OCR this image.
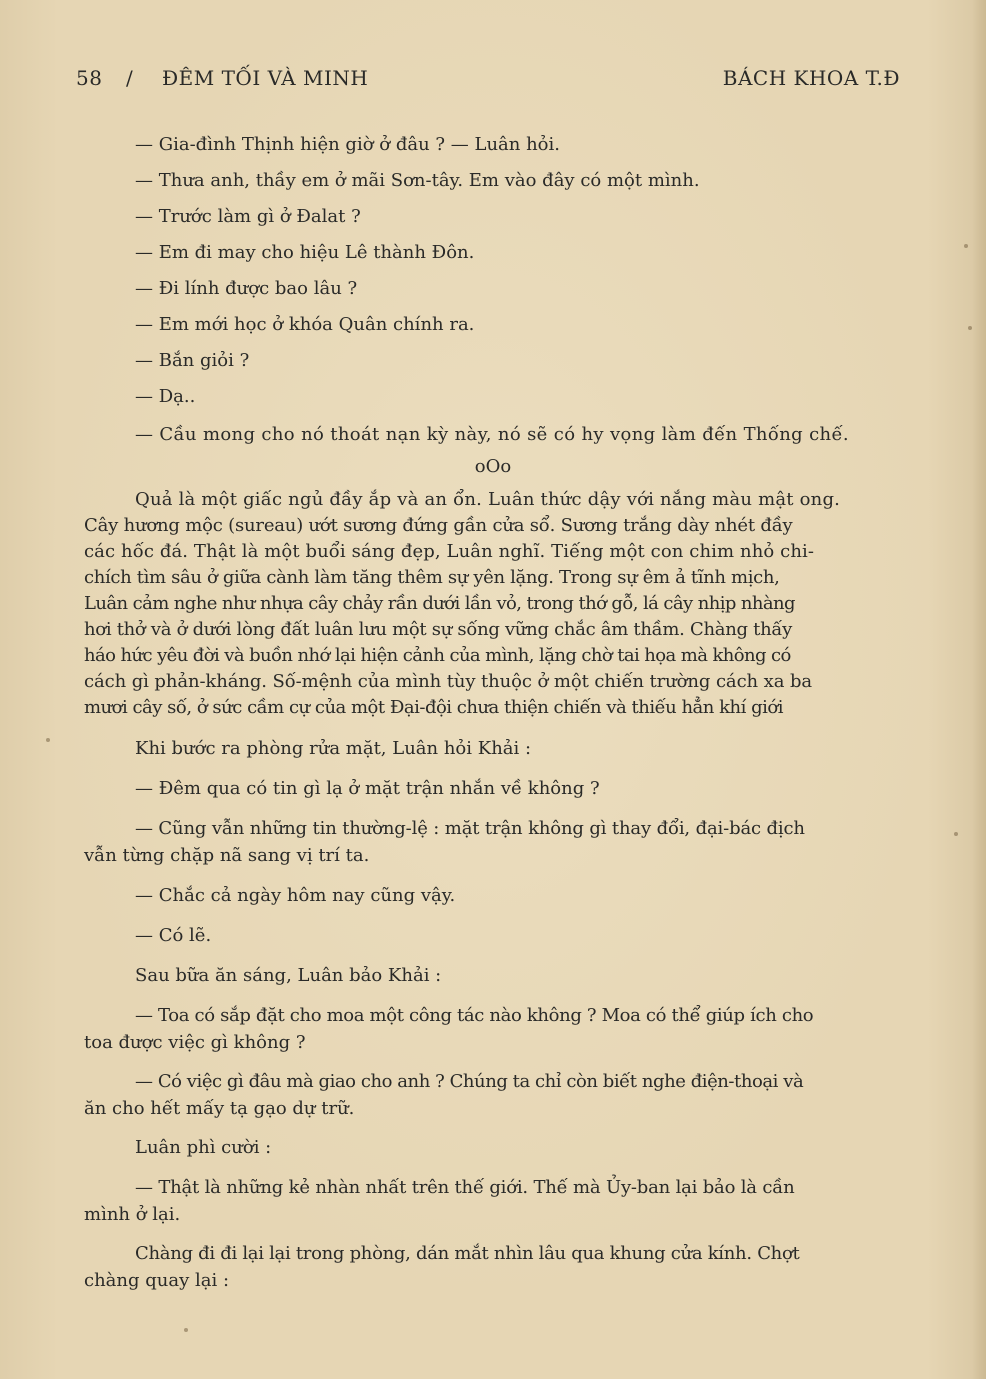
58 / ĐÊM TỐI VÀ MINH	BÁCH KHOA T.Đ
— Gia-đình Thịnh hiện giờ ở đâu ? — Luân hỏi.
— Thưa anh, thầy em ở mãi Sơn-tây. Em vào đây có một mình.
— Trước làm gì ở Đalat ?
— Em đi may cho hiệu Lê thành Đôn.
— Đi lính được bao lâu ?
— Em mới học ở khóa Quân chính ra.
— Bắn giỏi ?
— Dạ..
— Cầu mong cho nó thoát nạn kỳ này, nó sẽ có hy vọng làm đến Thống chế.
oOo
Quả là một giấc ngủ đầy ắp và an ổn. Luân thức dậy với nắng màu mật ong.
Cây hương mộc (sureau) ướt sương đứng gần cửa sổ. Sương trắng dày nhét đầy
các hốc đá. Thật là một buổi sáng đẹp, Luân nghĩ. Tiếng một con chim nhỏ chi-
chích tìm sâu ở giữa cành làm tăng thêm sự yên lặng. Trong sự êm ả tĩnh mịch,
Luân cảm nghe như nhựa cây chảy rần dưới lần vỏ, trong thớ gỗ, lá cây nhịp nhàng
hơi thở và ở dưới lòng đất luân lưu một sự sống vững chắc âm thầm. Chàng thấy
háo hức yêu đời và buồn nhớ lại hiện cảnh của mình, lặng chờ tai họa mà không có
cách gì phản-kháng. Số-mệnh của mình tùy thuộc ở một chiến trường cách xa ba
mươi cây số, ở sức cầm cự của một Đại-đội chưa thiện chiến và thiếu hẳn khí giới
Khi bước ra phòng rửa mặt, Luân hỏi Khải :
— Đêm qua có tin gì lạ ở mặt trận nhắn về không ?
— Cũng vẫn những tin thường-lệ : mặt trận không gì thay đổi, đại-bác địch
vẫn từng chặp nã sang vị trí ta.
— Chắc cả ngày hôm nay cũng vậy.
— Có lẽ.
Sau bữa ăn sáng, Luân bảo Khải :
— Toa có sắp đặt cho moa một công tác nào không ? Moa có thể giúp ích cho
toa được việc gì không ?
— Có việc gì đâu mà giao cho anh ? Chúng ta chỉ còn biết nghe điện-thoại và
ăn cho hết mấy tạ gạo dự trữ.
Luân phì cười :
— Thật là những kẻ nhàn nhất trên thế giới. Thế mà Ủy-ban lại bảo là cần
mình ở lại.
Chàng đi đi lại lại trong phòng, dán mắt nhìn lâu qua khung cửa kính. Chợt
chàng quay lại :
